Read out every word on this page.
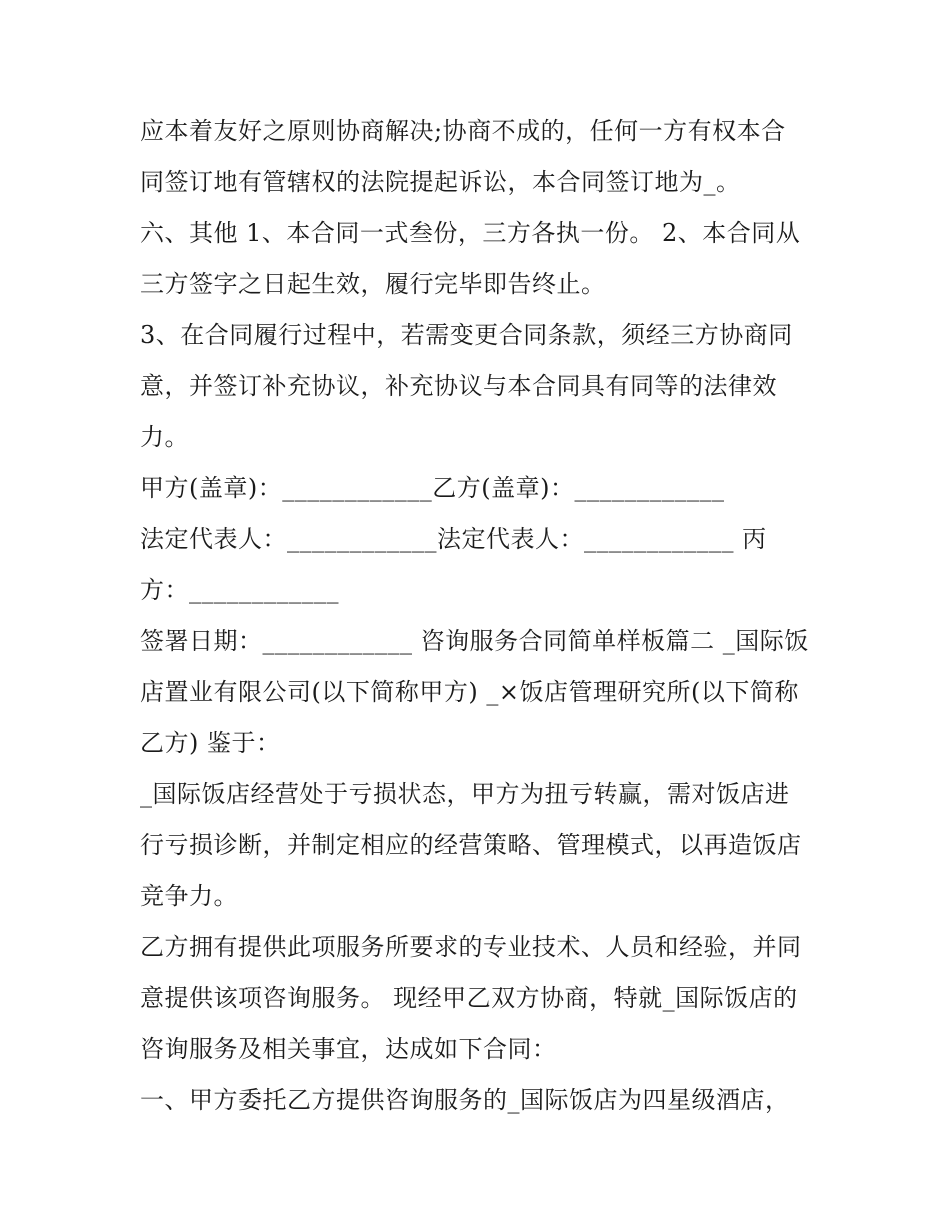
应本着友好之原则协商解决;协商不成的，任何一方有权本合
同签订地有管辖权的法院提起诉讼，本合同签订地为_。
六、其他 1、本合同一式叁份，三方各执一份。 2、本合同从
三方签字之日起生效，履行完毕即告终止。
3、在合同履行过程中，若需变更合同条款，须经三方协商同
意，并签订补充协议，补充协议与本合同具有同等的法律效
力。
甲方(盖章)：____________乙方(盖章)：____________
法定代表人：____________法定代表人：____________ 丙
方：____________
签署日期：____________ 咨询服务合同简单样板篇二 _国际饭
店置业有限公司(以下简称甲方) _×饭店管理研究所(以下简称
乙方) 鉴于：
_国际饭店经营处于亏损状态，甲方为扭亏转赢，需对饭店进
行亏损诊断，并制定相应的经营策略、管理模式，以再造饭店
竞争力。
乙方拥有提供此项服务所要求的专业技术、人员和经验，并同
意提供该项咨询服务。 现经甲乙双方协商，特就_国际饭店的
咨询服务及相关事宜，达成如下合同：
一、甲方委托乙方提供咨询服务的_国际饭店为四星级酒店，
